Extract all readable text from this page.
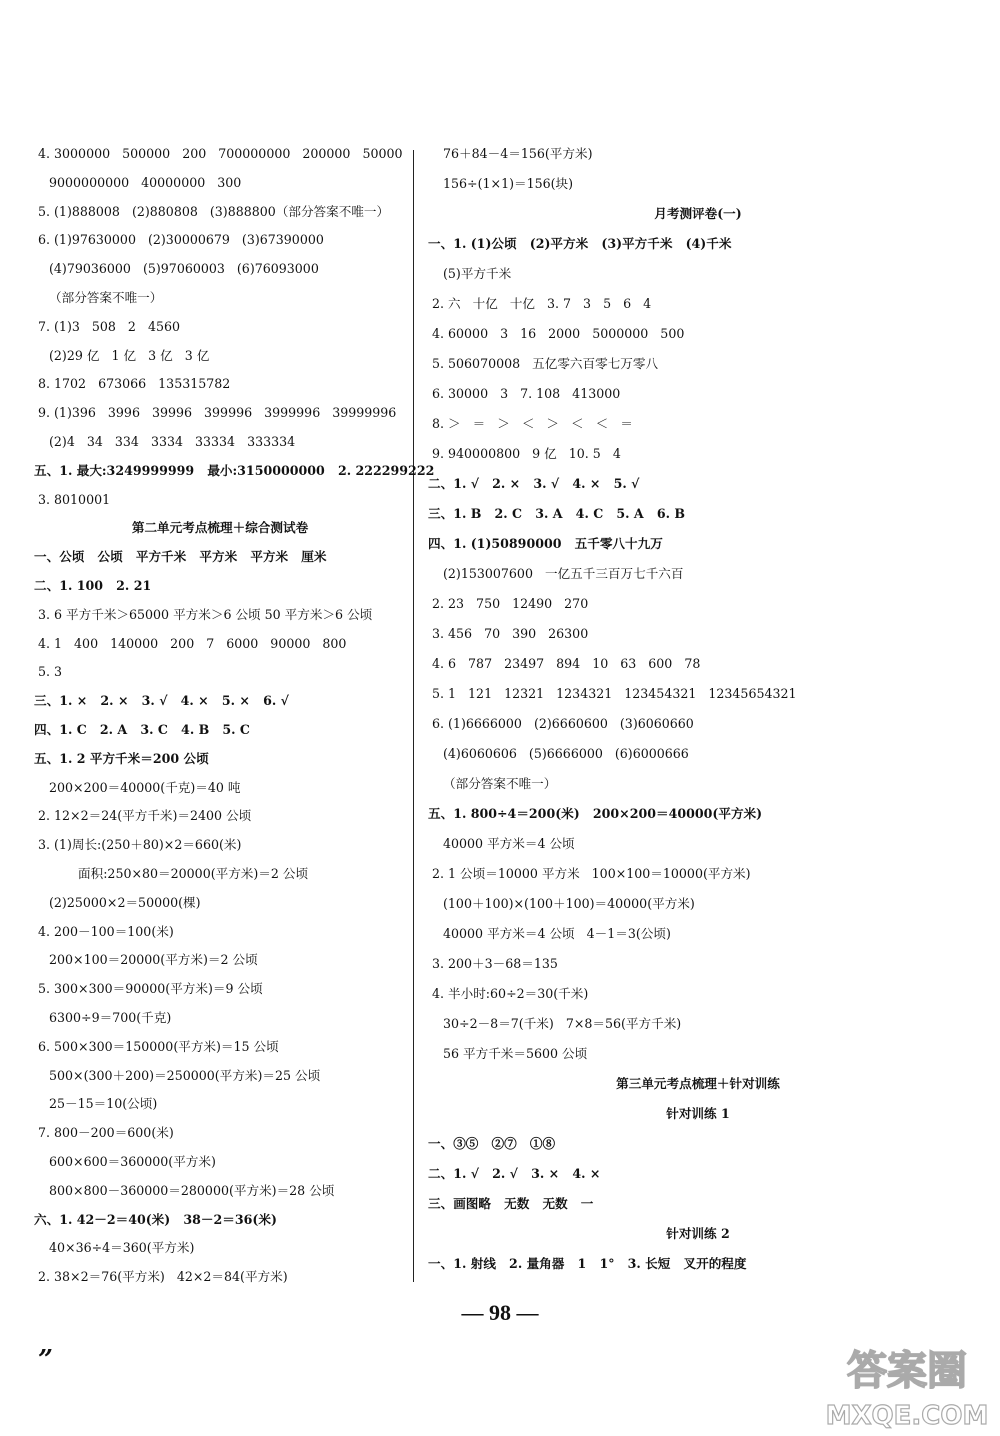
4. 3000000   500000   200   700000000   200000   50000
9000000000   40000000   300
5. (1)888008   (2)880808   (3)888800（部分答案不唯一）
6. (1)97630000   (2)30000679   (3)67390000
(4)79036000   (5)97060003   (6)76093000
（部分答案不唯一）
7. (1)3   508   2   4560
(2)29 亿   1 亿   3 亿   3 亿
8. 1702   673066   135315782
9. (1)396   3996   39996   399996   3999996   39999996
(2)4   34   334   3334   33334   333334
五、1. 最大:3249999999   最小:3150000000   2. 222299222
3. 8010001
第二单元考点梳理＋综合测试卷
一、公顷   公顷   平方千米   平方米   平方米   厘米
二、1. 100   2. 21
3. 6 平方千米＞65000 平方米＞6 公顷 50 平方米＞6 公顷
4. 1   400   140000   200   7   6000   90000   800
5. 3
三、1. ×   2. ×   3. √   4. ×   5. ×   6. √
四、1. C   2. A   3. C   4. B   5. C
五、1. 2 平方千米＝200 公顷
200×200＝40000(千克)＝40 吨
2. 12×2＝24(平方千米)＝2400 公顷
3. (1)周长:(250＋80)×2＝660(米)
面积:250×80＝20000(平方米)＝2 公顷
(2)25000×2＝50000(棵)
4. 200－100＝100(米)
200×100＝20000(平方米)＝2 公顷
5. 300×300＝90000(平方米)＝9 公顷
6300÷9＝700(千克)
6. 500×300＝150000(平方米)＝15 公顷
500×(300＋200)＝250000(平方米)＝25 公顷
25－15＝10(公顷)
7. 800－200＝600(米)
600×600＝360000(平方米)
800×800－360000＝280000(平方米)＝28 公顷
六、1. 42－2＝40(米)   38－2＝36(米)
40×36÷4＝360(平方米)
2. 38×2＝76(平方米)   42×2＝84(平方米)
76＋84－4＝156(平方米)
156÷(1×1)＝156(块)
月考测评卷(一)
一、1. (1)公顷   (2)平方米   (3)平方千米   (4)千米
(5)平方千米
2. 六   十亿   十亿   3. 7   3   5   6   4
4. 60000   3   16   2000   5000000   500
5. 506070008   五亿零六百零七万零八
6. 30000   3   7. 108   413000
8. ＞   ＝   ＞   ＜   ＞   ＜   ＜   ＝
9. 940000800   9 亿   10. 5   4
二、1. √   2. ×   3. √   4. ×   5. √
三、1. B   2. C   3. A   4. C   5. A   6. B
四、1. (1)50890000   五千零八十九万
(2)153007600   一亿五千三百万七千六百
2. 23   750   12490   270
3. 456   70   390   26300
4. 6   787   23497   894   10   63   600   78
5. 1   121   12321   1234321   123454321   12345654321
6. (1)6666000   (2)6660600   (3)6060660
(4)6060606   (5)6666000   (6)6000666
（部分答案不唯一）
五、1. 800÷4＝200(米)   200×200＝40000(平方米)
40000 平方米＝4 公顷
2. 1 公顷＝10000 平方米   100×100＝10000(平方米)
(100＋100)×(100＋100)＝40000(平方米)
40000 平方米＝4 公顷   4－1＝3(公顷)
3. 200＋3－68＝135
4. 半小时:60÷2＝30(千米)
30÷2－8＝7(千米)   7×8＝56(平方千米)
56 平方千米＝5600 公顷
第三单元考点梳理＋针对训练
针对训练 1
一、③⑤   ②⑦   ①⑧
二、1. √   2. √   3. ×   4. ×
三、画图略   无数   无数   一
针对训练 2
一、1. 射线   2. 量角器   1   1°   3. 长短   叉开的程度
— 98 —
”	答案圈
MXQE.COM
